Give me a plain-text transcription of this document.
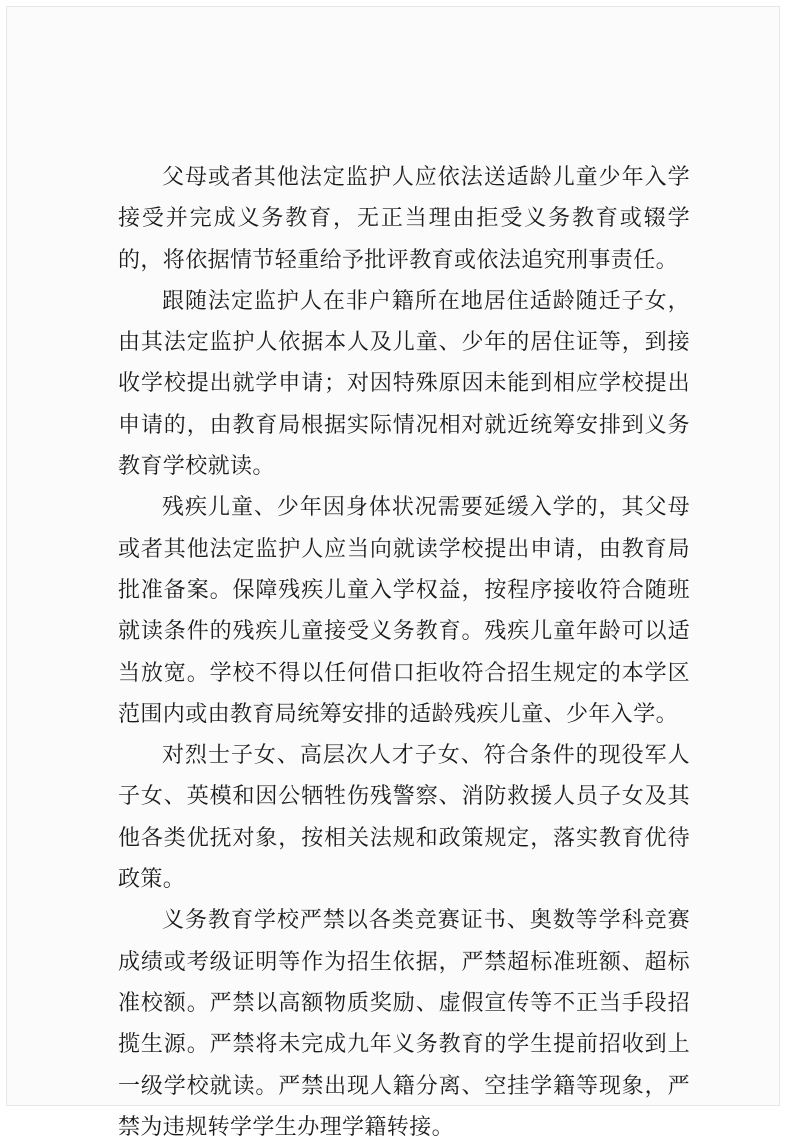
父母或者其他法定监护人应依法送适龄儿童少年入学接受并完成义务教育，无正当理由拒受义务教育或辍学的，将依据情节轻重给予批评教育或依法追究刑事责任。

跟随法定监护人在非户籍所在地居住适龄随迁子女，由其法定监护人依据本人及儿童、少年的居住证等，到接收学校提出就学申请；对因特殊原因未能到相应学校提出申请的，由教育局根据实际情况相对就近统筹安排到义务教育学校就读。

残疾儿童、少年因身体状况需要延缓入学的，其父母或者其他法定监护人应当向就读学校提出申请，由教育局批准备案。保障残疾儿童入学权益，按程序接收符合随班就读条件的残疾儿童接受义务教育。残疾儿童年龄可以适当放宽。学校不得以任何借口拒收符合招生规定的本学区范围内或由教育局统筹安排的适龄残疾儿童、少年入学。

对烈士子女、高层次人才子女、符合条件的现役军人子女、英模和因公牺牲伤残警察、消防救援人员子女及其他各类优抚对象，按相关法规和政策规定，落实教育优待政策。

义务教育学校严禁以各类竞赛证书、奥数等学科竞赛成绩或考级证明等作为招生依据，严禁超标准班额、超标准校额。严禁以高额物质奖励、虚假宣传等不正当手段招揽生源。严禁将未完成九年义务教育的学生提前招收到上一级学校就读。严禁出现人籍分离、空挂学籍等现象，严禁为违规转学学生办理学籍转接。
